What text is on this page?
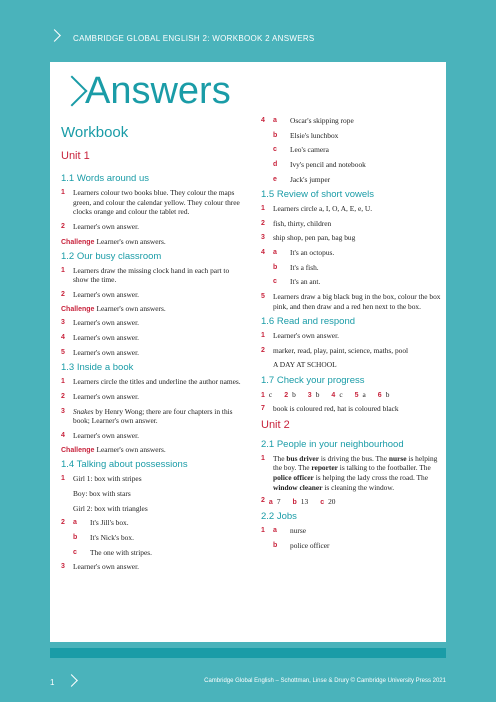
CAMBRIDGE GLOBAL ENGLISH 2: WORKBOOK 2 ANSWERS
Answers
Workbook
Unit 1
1.1 Words around us
1 Learners colour two books blue. They colour the maps green, and colour the calendar yellow. They colour three clocks orange and colour the tablet red.
2 Learner's own answer.
Challenge Learner's own answers.
1.2 Our busy classroom
1 Learners draw the missing clock hand in each part to show the time.
2 Learner's own answer.
Challenge Learner's own answers.
3 Learner's own answer.
4 Learner's own answer.
5 Learner's own answer.
1.3 Inside a book
1 Learners circle the titles and underline the author names.
2 Learner's own answer.
3 Snakes by Henry Wong; there are four chapters in this book; Learner's own answer.
4 Learner's own answer.
Challenge Learner's own answers.
1.4 Talking about possessions
1 Girl 1: box with stripes
Boy: box with stars
Girl 2: box with triangles
2 a It's Jill's box.
b It's Nick's box.
c The one with stripes.
3 Learner's own answer.
4 a Oscar's skipping rope
b Elsie's lunchbox
c Leo's camera
d Ivy's pencil and notebook
e Jack's jumper
1.5 Review of short vowels
1 Learners circle a, I, O, A, E, e, U.
2 fish, thirty, children
3 ship shop, pen pan, bag bug
4 a It's an octopus.
b It's a fish.
c It's an ant.
5 Learners draw a big black bug in the box, colour the box pink, and then draw and a red hen next to the box.
1.6 Read and respond
1 Learner's own answer.
2 marker, read, play, paint, science, maths, pool
A DAY AT SCHOOL
1.7 Check your progress
1 c 2 b 3 b 4 c 5 a 6 b
7 book is coloured red, hat is coloured black
Unit 2
2.1 People in your neighbourhood
1 The bus driver is driving the bus. The nurse is helping the boy. The reporter is talking to the footballer. The police officer is helping the lady cross the road. The window cleaner is cleaning the window.
2 a 7 b 13 c 20
2.2 Jobs
1 a nurse
b police officer
1	Cambridge Global English – Schottman, Linse & Drury © Cambridge University Press 2021
